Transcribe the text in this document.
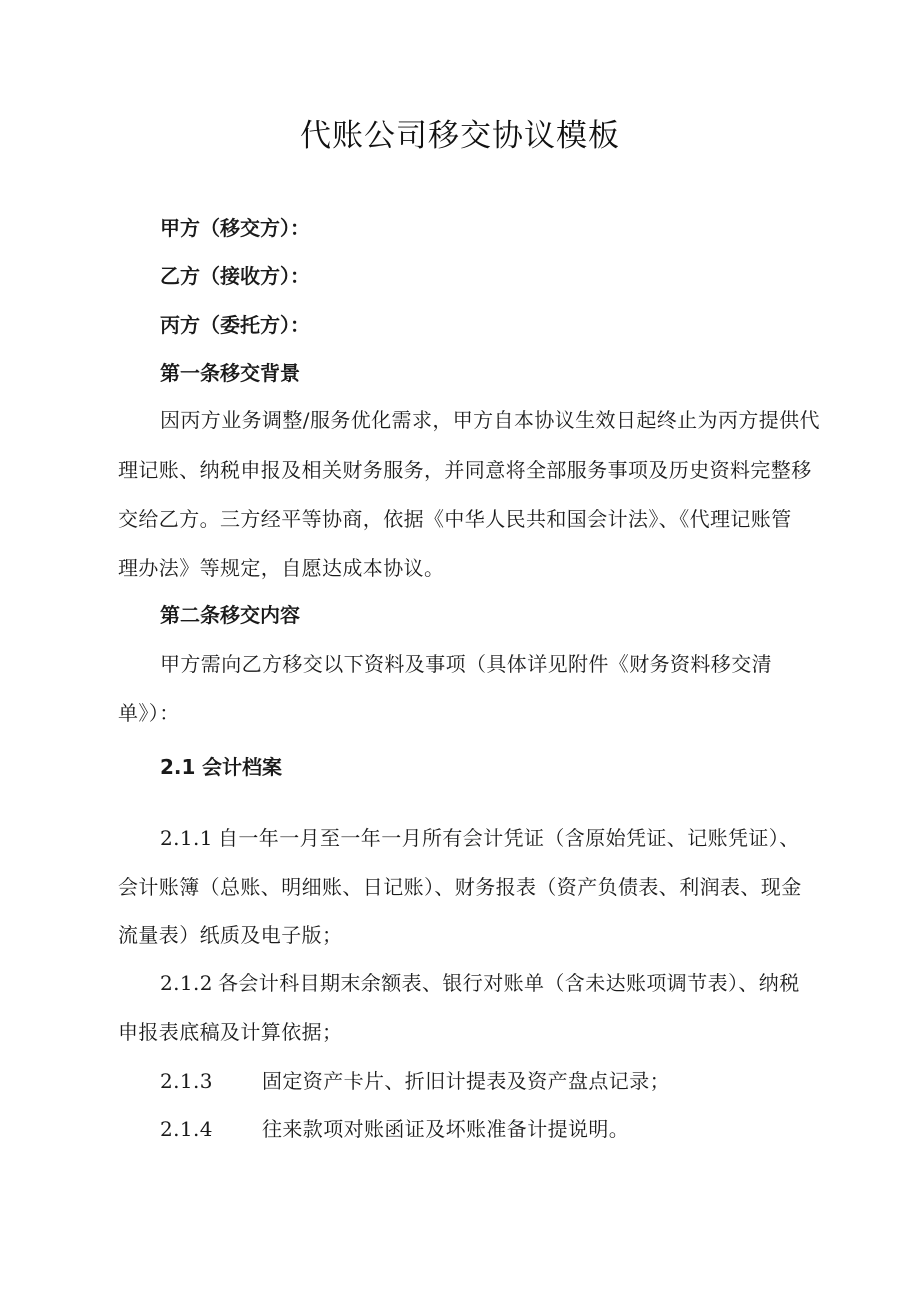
代账公司移交协议模板
甲方（移交方）：
乙方（接收方）：
丙方（委托方）：
第一条移交背景
因丙方业务调整/服务优化需求，甲方自本协议生效日起终止为丙方提供代
理记账、纳税申报及相关财务服务，并同意将全部服务事项及历史资料完整移
交给乙方。三方经平等协商，依据《中华人民共和国会计法》、《代理记账管
理办法》等规定，自愿达成本协议。
第二条移交内容
甲方需向乙方移交以下资料及事项（具体详见附件《财务资料移交清
单》）：
2.1 会计档案
2.1.1 自一年一月至一年一月所有会计凭证（含原始凭证、记账凭证）、
会计账簿（总账、明细账、日记账）、财务报表（资产负债表、利润表、现金
流量表）纸质及电子版；
2.1.2 各会计科目期末余额表、银行对账单（含未达账项调节表）、纳税
申报表底稿及计算依据；
2.1.3 固定资产卡片、折旧计提表及资产盘点记录；
2.1.4 往来款项对账函证及坏账准备计提说明。
